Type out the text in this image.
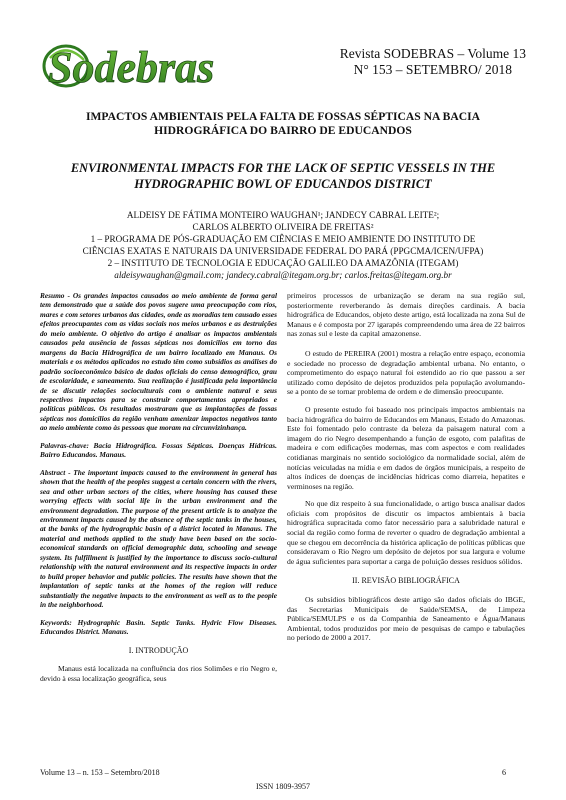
Sodebras	Revista SODEBRAS – Volume 13
N° 153 – SETEMBRO/ 2018
IMPACTOS AMBIENTAIS PELA FALTA DE FOSSAS SÉPTICAS NA BACIA HIDROGRÁFICA DO BAIRRO DE EDUCANDOS
ENVIRONMENTAL IMPACTS FOR THE LACK OF SEPTIC VESSELS IN THE HYDROGRAPHIC BOWL OF EDUCANDOS DISTRICT
ALDEISY DE FÁTIMA MONTEIRO WAUGHAN¹; JANDECY CABRAL LEITE²;
CARLOS ALBERTO OLIVEIRA DE FREITAS²
1 – PROGRAMA DE PÓS-GRADUAÇÃO EM CIÊNCIAS E MEIO AMBIENTE DO INSTITUTO DE
CIÊNCIAS EXATAS E NATURAIS DA UNIVERSIDADE FEDERAL DO PARÁ (PPGCMA/ICEN/UFPA)
2 – INSTITUTO DE TECNOLOGIA E EDUCAÇÃO GALILEO DA AMAZÔNIA (ITEGAM)
aldeisywaughan@gmail.com; jandecy.cabral@itegam.org.br; carlos.freitas@itegam.org.br
Resumo - Os grandes impactos causados ao meio ambiente de forma geral tem demonstrado que a saúde dos povos sugere uma preocupação com rios, mares e com setores urbanos das cidades, onde as moradias tem causado esses efeitos preocupantes com as vidas sociais nos meios urbanos e as destruições do meio ambiente. O objetivo do artigo é analisar os impactos ambientais causados pela ausência de fossas sépticas nos domicílios em torno das margens da Bacia Hidrográfica de um bairro localizado em Manaus. Os materiais e os métodos aplicados no estudo têm como subsídios as análises do padrão socioeconômico básico de dados oficiais do censo demográfico, grau de escolaridade, e saneamento. Sua realização é justificada pela importância de se discutir relações socioculturais com o ambiente natural e seus respectivos impactos para se construir comportamentos apropriados e políticas públicas. Os resultados mostraram que as implantações de fossas sépticas nos domicílios da região venham amenizar impactos negativos tanto ao meio ambiente como às pessoas que moram na circunvizinhança.
Palavras-chave: Bacia Hidrográfica. Fossas Sépticas. Doenças Hídricas. Bairro Educandos. Manaus.
Abstract - The important impacts caused to the environment in general has shown that the health of the peoples suggest a certain concern with the rivers, sea and other urban sectors of the cities, where housing has caused these worrying effects with social life in the urban environment and the environment degradation. The purpose of the present article is to analyze the environment impacts caused by the absence of the septic tanks in the houses, at the banks of the hydrographic basin of a district located in Manaus. The material and methods applied to the study have been based on the socio-economical standards on official demographic data, schooling and sewage system. Its fulfillment is justified by the importance to discuss socio-cultural relationship with the natural environment and its respective impacts in order to build proper behavior and public policies. The results have shown that the implantation of septic tanks at the homes of the region will reduce substantially the negative impacts to the environment as well as to the people in the neighborhood.
Keywords: Hydrographic Basin. Septic Tanks. Hydric Flow Diseases. Educandos District. Manaus.
I. INTRODUÇÃO

Manaus está localizada na confluência dos rios Solimões e rio Negro e, devido à essa localização geográfica, seus

primeiros processos de urbanização se deram na sua região sul, posteriormente reverberando às demais direções cardinais. A bacia hidrográfica de Educandos, objeto deste artigo, está localizada na zona Sul de Manaus e é composta por 27 igarapés compreendendo uma área de 22 bairros nas zonas sul e leste da capital amazonense.

O estudo de PEREIRA (2001) mostra a relação entre espaço, economia e sociedade no processo de degradação ambiental urbana. No entanto, o comprometimento do espaço natural foi estendido ao rio que passou a ser utilizado como depósito de dejetos produzidos pela população avolumando-se a ponto de se tornar problema de ordem e de dimensão preocupante.

O presente estudo foi baseado nos principais impactos ambientais na bacia hidrográfica do bairro de Educandos em Manaus, Estado do Amazonas. Este foi fomentado pelo contraste da beleza da paisagem natural com a imagem do rio Negro desempenhando a função de esgoto, com palafitas de madeira e com edificações modernas, mas com aspectos e com realidades cotidianas marginais no sentido sociológico da normalidade social, além de notícias veiculadas na mídia e em dados de órgãos municipais, a respeito de altos índices de doenças de incidências hídricas como diarreia, hepatites e verminoses na região.

No que diz respeito à sua funcionalidade, o artigo busca analisar dados oficiais com propósitos de discutir os impactos ambientais à bacia hidrográfica supracitada como fator necessário para a salubridade natural e social da região como forma de reverter o quadro de degradação ambiental a que se chegou em decorrência da histórica aplicação de políticas públicas que consideravam o Rio Negro um depósito de dejetos por sua largura e volume de água suficientes para suportar a carga de poluição desses resíduos sólidos.

II. REVISÃO BIBLIOGRÁFICA

Os subsídios bibliográficos deste artigo são dados oficiais do IBGE, das Secretarias Municipais de Saúde/SEMSA, de Limpeza Pública/SEMULPS e os da Companhia de Saneamento e Água/Manaus Ambiental, todos produzidos por meio de pesquisas de campo e tabulações no período de 2000 a 2017.

Volume 13 – n. 153 – Setembro/2018	6
ISSN 1809-3957
